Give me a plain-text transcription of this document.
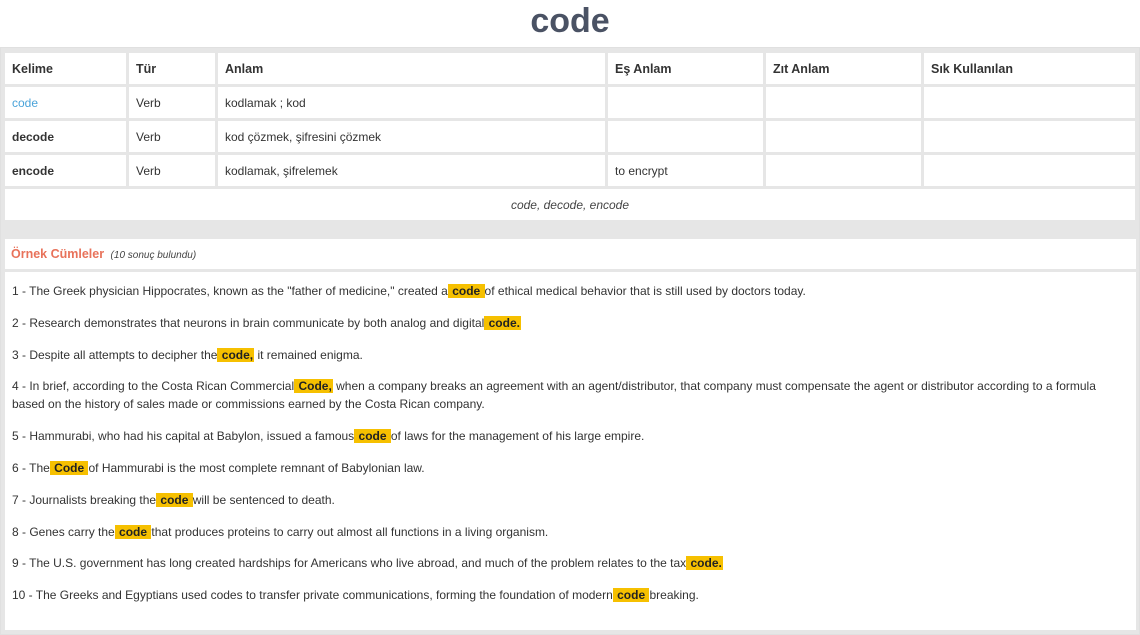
code
Kelime	Tür	Anlam	Eş Anlam	Zıt Anlam	Sık Kullanılan
code	Verb	kodlamak ; kod			
decode	Verb	kod çözmek, şifresini çözmek			
encode	Verb	kodlamak, şifrelemek	to encrypt		
code, decode, encode					
Örnek Cümleler (10 sonuç bulundu)
1 - The Greek physician Hippocrates, known as the "father of medicine," created a code of ethical medical behavior that is still used by doctors today.
2 - Research demonstrates that neurons in brain communicate by both analog and digital code.
3 - Despite all attempts to decipher the code, it remained enigma.
4 - In brief, according to the Costa Rican Commercial Code, when a company breaks an agreement with an agent/distributor, that company must compensate the agent or distributor according to a formula based on the history of sales made or commissions earned by the Costa Rican company.
5 - Hammurabi, who had his capital at Babylon, issued a famous code of laws for the management of his large empire.
6 - The Code of Hammurabi is the most complete remnant of Babylonian law.
7 - Journalists breaking the code will be sentenced to death.
8 - Genes carry the code that produces proteins to carry out almost all functions in a living organism.
9 - The U.S. government has long created hardships for Americans who live abroad, and much of the problem relates to the tax code.
10 - The Greeks and Egyptians used codes to transfer private communications, forming the foundation of modern code breaking.
